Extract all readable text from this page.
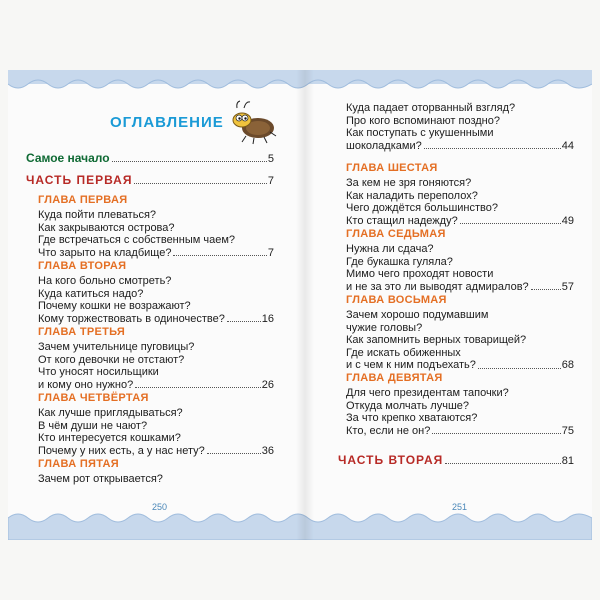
ОГЛАВЛЕНИЕ
Самое начало	5
ЧАСТЬ ПЕРВАЯ	7
ГЛАВА ПЕРВАЯ
Куда пойти плеваться?
Как закрываются острова?
Где встречаться с собственным чаем?
Что зарыто на кладбище?	7
ГЛАВА ВТОРАЯ
На кого больно смотреть?
Куда катиться надо?
Почему кошки не возражают?
Кому торжествовать в одиночестве?	16
ГЛАВА ТРЕТЬЯ
Зачем учительнице пуговицы?
От кого девочки не отстают?
Что уносят носильщики
и кому оно нужно?	26
ГЛАВА ЧЕТВЁРТАЯ
Как лучше приглядываться?
В чём души не чают?
Кто интересуется кошками?
Почему у них есть, а у нас нету?	36
ГЛАВА ПЯТАЯ
Зачем рот открывается?
250
Куда падает оторванный взгляд?
Про кого вспоминают поздно?
Как поступать с укушенными
шоколадками?	44
ГЛАВА ШЕСТАЯ
За кем не зря гоняются?
Как наладить переполох?
Чего дождётся большинство?
Кто стащил надежду?	49
ГЛАВА СЕДЬМАЯ
Нужна ли сдача?
Где букашка гуляла?
Мимо чего проходят новости
и не за это ли выводят адмиралов?	57
ГЛАВА ВОСЬМАЯ
Зачем хорошо подумавшим
чужие головы?
Как запомнить верных товарищей?
Где искать обиженных
и с чем к ним подъехать?	68
ГЛАВА ДЕВЯТАЯ
Для чего президентам тапочки?
Откуда молчать лучше?
За что крепко хватаются?
Кто, если не он?	75
ЧАСТЬ ВТОРАЯ	81
251
